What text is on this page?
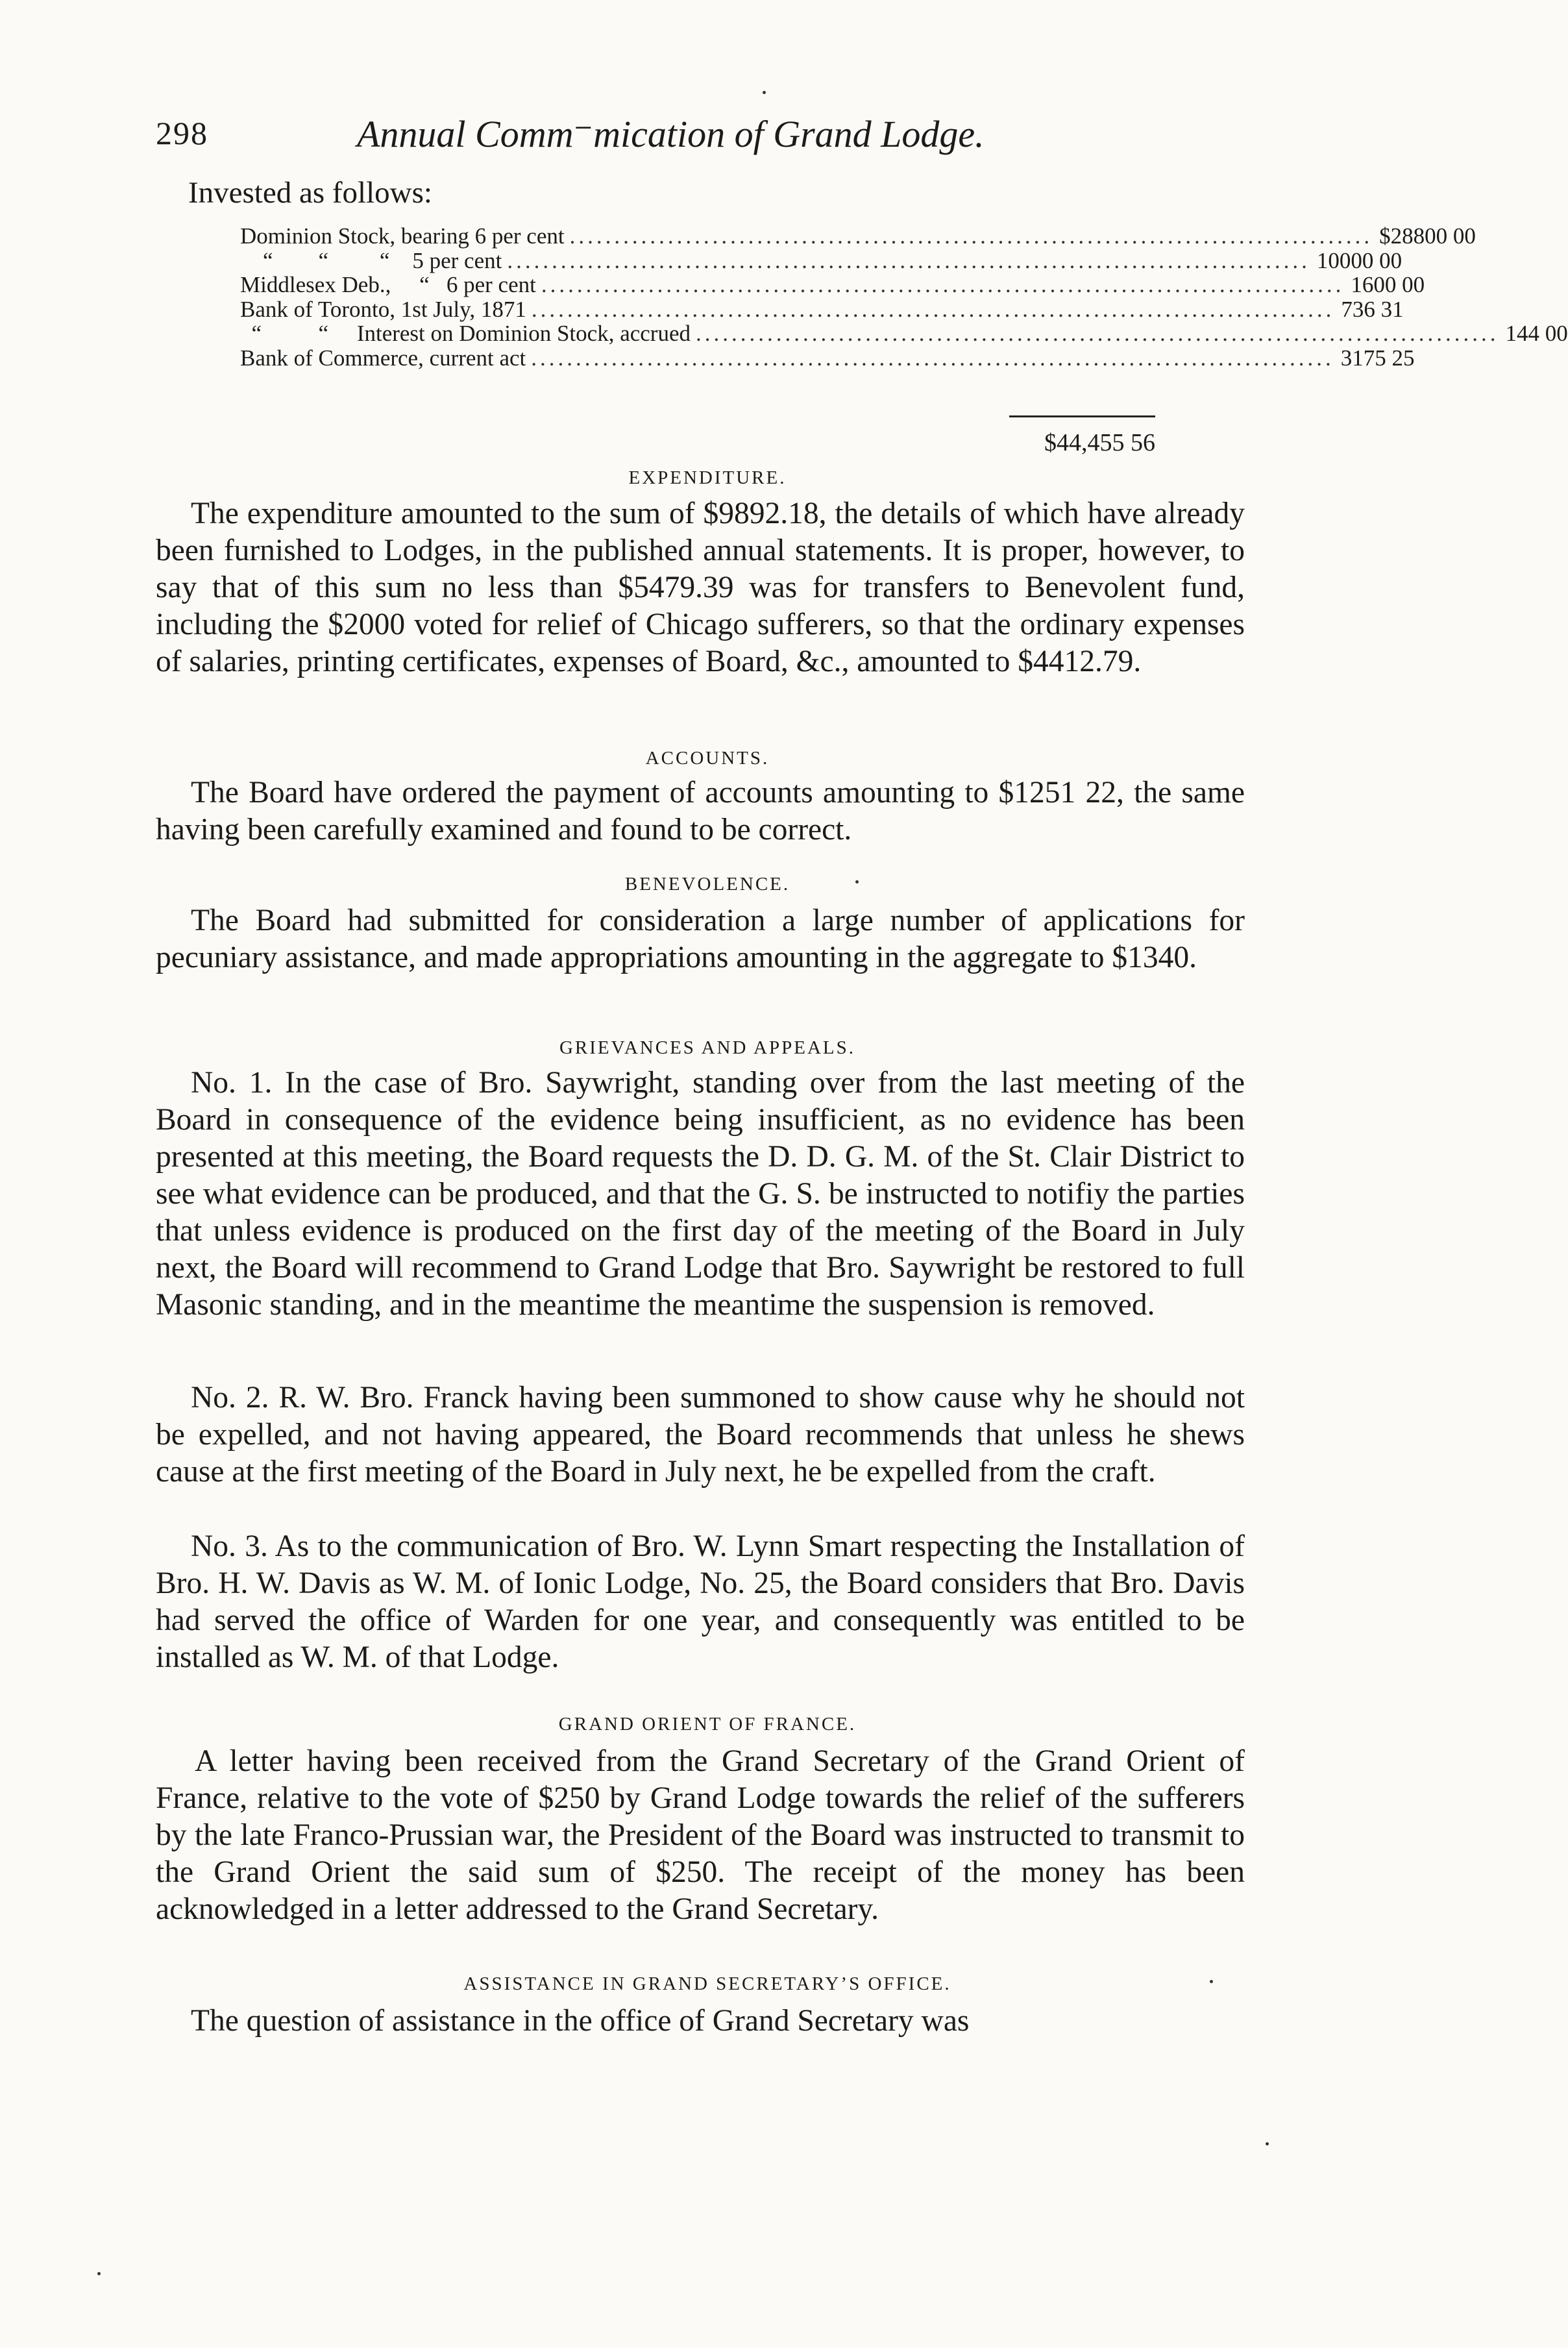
298	Annual Comm⁻mication of Grand Lodge.
Invested as follows:
Dominion Stock, bearing 6 per cent .......................................................................................... $28800 00
“        “         “    5 per cent .......................................................................................... 10000 00
Middlesex Deb.,     “   6 per cent .......................................................................................... 1600 00
Bank of Toronto, 1st July, 1871 .......................................................................................... 736 31
“          “     Interest on Dominion Stock, accrued .......................................................................................... 144 00
Bank of Commerce, current act .......................................................................................... 3175 25
$44,455 56
EXPENDITURE.

The expenditure amounted to the sum of $9892.18, the details of which have already been furnished to Lodges, in the published annual statements. It is proper, however, to say that of this sum no less than $5479.39 was for transfers to Benevolent fund, including the $2000 voted for relief of Chicago sufferers, so that the ordinary expenses of salaries, printing certificates, expenses of Board, &c., amounted to $4412.79.

ACCOUNTS.

The Board have ordered the payment of accounts amounting to $1251 22, the same having been carefully examined and found to be correct.

BENEVOLENCE.

The Board had submitted for consideration a large number of applications for pecuniary assistance, and made appropriations amounting in the aggregate to $1340.

GRIEVANCES AND APPEALS.

No. 1. In the case of Bro. Saywright, standing over from the last meeting of the Board in consequence of the evidence being insufficient, as no evidence has been presented at this meeting, the Board requests the D. D. G. M. of the St. Clair District to see what evidence can be produced, and that the G. S. be instructed to notifiy the parties that unless evidence is produced on the first day of the meeting of the Board in July next, the Board will recommend to Grand Lodge that Bro. Saywright be restored to full Masonic standing, and in the meantime the meantime the suspension is removed.

No. 2. R. W. Bro. Franck having been summoned to show cause why he should not be expelled, and not having appeared, the Board recommends that unless he shews cause at the first meeting of the Board in July next, he be expelled from the craft.

No. 3. As to the communication of Bro. W. Lynn Smart respecting the Installation of Bro. H. W. Davis as W. M. of Ionic Lodge, No. 25, the Board considers that Bro. Davis had served the office of Warden for one year, and consequently was entitled to be installed as W. M. of that Lodge.

GRAND ORIENT OF FRANCE.

A letter having been received from the Grand Secretary of the Grand Orient of France, relative to the vote of $250 by Grand Lodge towards the relief of the sufferers by the late Franco-Prussian war, the President of the Board was instructed to transmit to the Grand Orient the said sum of $250. The receipt of the money has been acknowledged in a letter addressed to the Grand Secretary.

ASSISTANCE IN GRAND SECRETARY’S OFFICE.

The question of assistance in the office of Grand Secretary was
